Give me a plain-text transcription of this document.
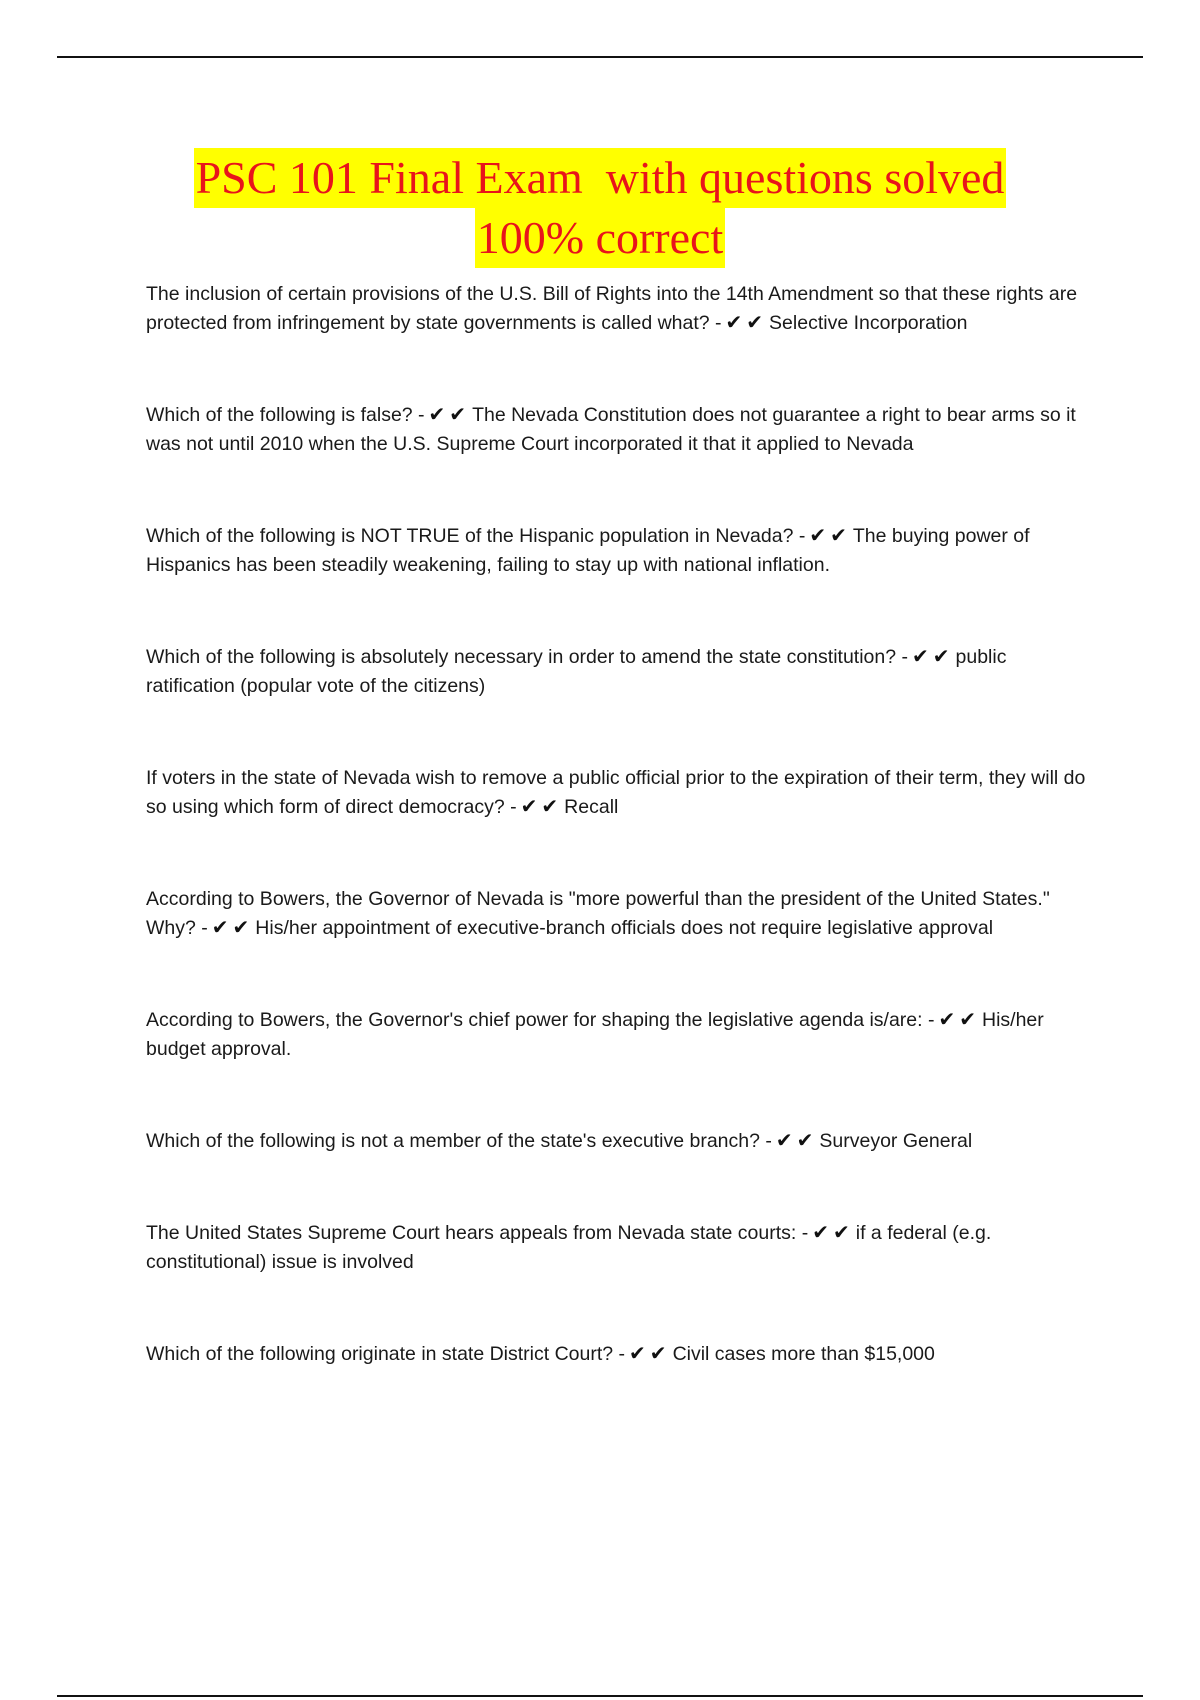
PSC 101 Final Exam  with questions solved
100% correct

The inclusion of certain provisions of the U.S. Bill of Rights into the 14th Amendment so that these rights are protected from infringement by state governments is called what? - ✔✔ Selective Incorporation

Which of the following is false? - ✔✔ The Nevada Constitution does not guarantee a right to bear arms so it was not until 2010 when the U.S. Supreme Court incorporated it that it applied to Nevada

Which of the following is NOT TRUE of the Hispanic population in Nevada? - ✔✔ The buying power of Hispanics has been steadily weakening, failing to stay up with national inflation.

Which of the following is absolutely necessary in order to amend the state constitution? - ✔✔ public ratification (popular vote of the citizens)

If voters in the state of Nevada wish to remove a public official prior to the expiration of their term, they will do so using which form of direct democracy? - ✔✔ Recall

According to Bowers, the Governor of Nevada is "more powerful than the president of the United States." Why? - ✔✔ His/her appointment of executive-branch officials does not require legislative approval

According to Bowers, the Governor's chief power for shaping the legislative agenda is/are: - ✔✔ His/her budget approval.

Which of the following is not a member of the state's executive branch? - ✔✔ Surveyor General

The United States Supreme Court hears appeals from Nevada state courts: - ✔✔ if a federal (e.g. constitutional) issue is involved

Which of the following originate in state District Court? - ✔✔ Civil cases more than $15,000
